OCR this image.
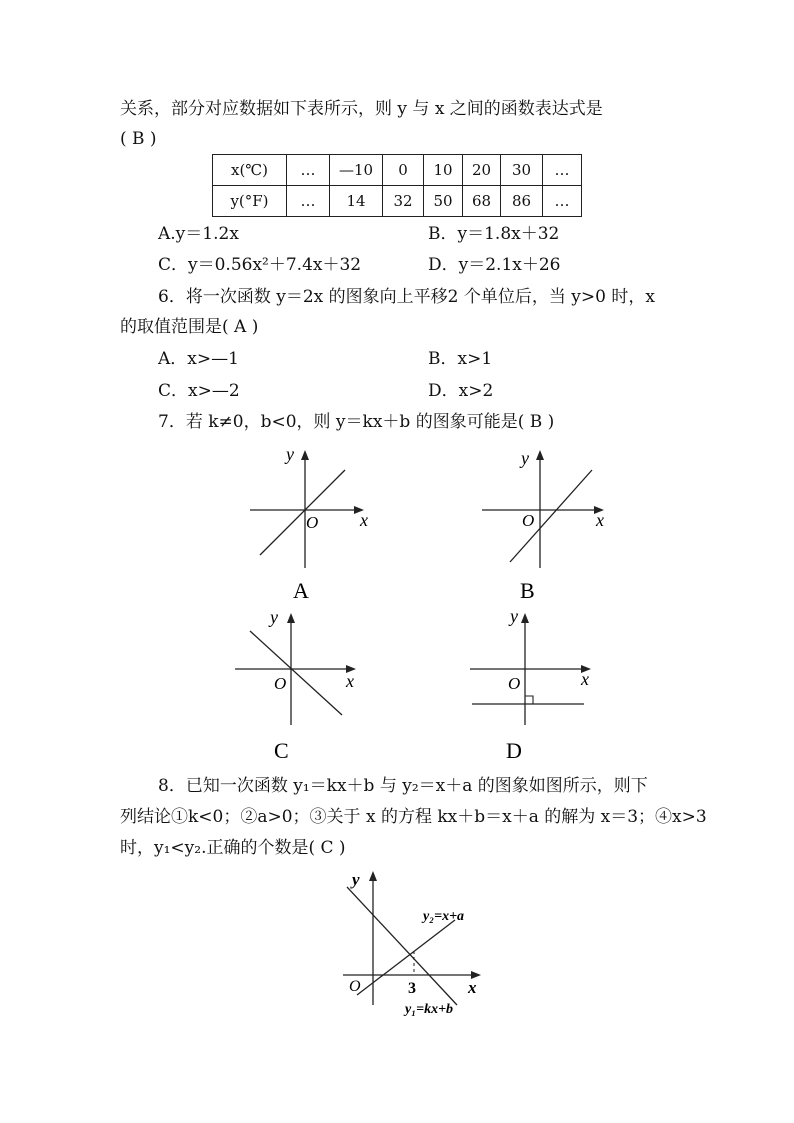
关系，部分对应数据如下表所示，则 y 与 x 之间的函数表达式是
( B )
x(℃)	…	—10	0	10	20	30	…
y(°F)	…	14	32	50	68	86	…
A.y＝1.2x	B．y＝1.8x＋32
C．y＝0.56x²＋7.4x＋32	D．y＝2.1x＋26
6．将一次函数 y＝2x 的图象向上平移2 个单位后，当 y>0 时，x
的取值范围是( A )
A．x>—1	B．x>1
C．x>—2	D．x>2
7．若 k≠0，b<0，则 y＝kx＋b 的图象可能是( B )
y
x
O
A
y
x
O
B
y
x
O
C
y
x
O
D
8．已知一次函数 y₁＝kx＋b 与 y₂＝x＋a 的图象如图所示，则下
列结论①k<0；②a>0；③关于 x 的方程 kx＋b＝x＋a 的解为 x＝3；④x>3
时，y₁<y₂.正确的个数是( C )
y
x
O	3
y₂=x+a
y₁=kx+b
